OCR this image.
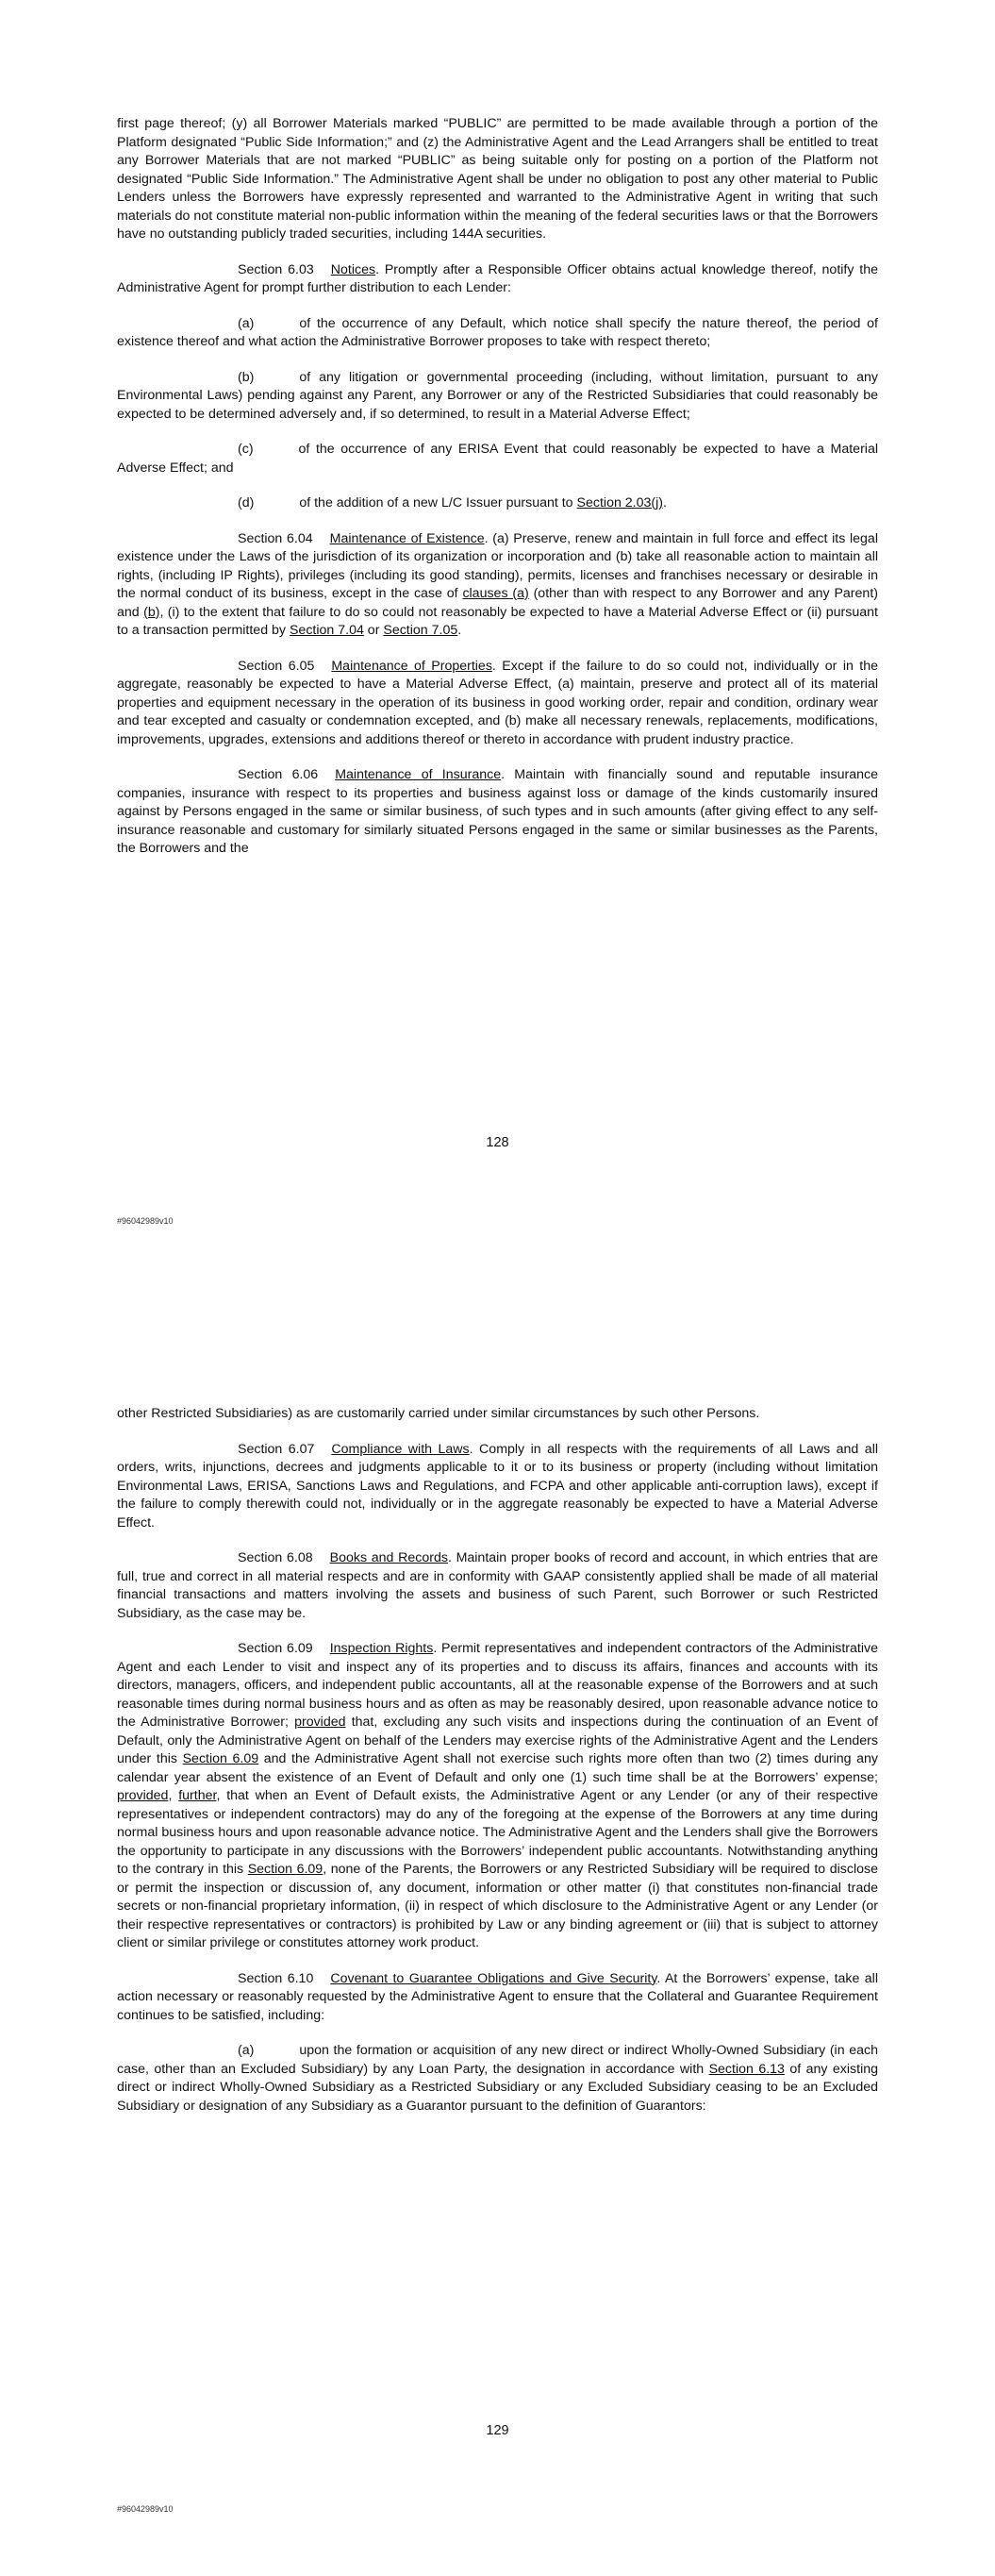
first page thereof; (y) all Borrower Materials marked “PUBLIC” are permitted to be made available through a portion of the Platform designated “Public Side Information;” and (z) the Administrative Agent and the Lead Arrangers shall be entitled to treat any Borrower Materials that are not marked “PUBLIC” as being suitable only for posting on a portion of the Platform not designated “Public Side Information.” The Administrative Agent shall be under no obligation to post any other material to Public Lenders unless the Borrowers have expressly represented and warranted to the Administrative Agent in writing that such materials do not constitute material non-public information within the meaning of the federal securities laws or that the Borrowers have no outstanding publicly traded securities, including 144A securities.

Section 6.03 Notices. Promptly after a Responsible Officer obtains actual knowledge thereof, notify the Administrative Agent for prompt further distribution to each Lender:

(a)	of the occurrence of any Default, which notice shall specify the nature thereof, the period of existence thereof and what action the Administrative Borrower proposes to take with respect thereto;

(b)	of any litigation or governmental proceeding (including, without limitation, pursuant to any Environmental Laws) pending against any Parent, any Borrower or any of the Restricted Subsidiaries that could reasonably be expected to be determined adversely and, if so determined, to result in a Material Adverse Effect;

(c)	of the occurrence of any ERISA Event that could reasonably be expected to have a Material Adverse Effect; and

(d)	of the addition of a new L/C Issuer pursuant to Section 2.03(j).

Section 6.04 Maintenance of Existence. (a) Preserve, renew and maintain in full force and effect its legal existence under the Laws of the jurisdiction of its organization or incorporation and (b) take all reasonable action to maintain all rights, (including IP Rights), privileges (including its good standing), permits, licenses and franchises necessary or desirable in the normal conduct of its business, except in the case of clauses (a) (other than with respect to any Borrower and any Parent) and (b), (i) to the extent that failure to do so could not reasonably be expected to have a Material Adverse Effect or (ii) pursuant to a transaction permitted by Section 7.04 or Section 7.05.

Section 6.05 Maintenance of Properties. Except if the failure to do so could not, individually or in the aggregate, reasonably be expected to have a Material Adverse Effect, (a) maintain, preserve and protect all of its material properties and equipment necessary in the operation of its business in good working order, repair and condition, ordinary wear and tear excepted and casualty or condemnation excepted, and (b) make all necessary renewals, replacements, modifications, improvements, upgrades, extensions and additions thereof or thereto in accordance with prudent industry practice.

Section 6.06 Maintenance of Insurance. Maintain with financially sound and reputable insurance companies, insurance with respect to its properties and business against loss or damage of the kinds customarily insured against by Persons engaged in the same or similar business, of such types and in such amounts (after giving effect to any self-insurance reasonable and customary for similarly situated Persons engaged in the same or similar businesses as the Parents, the Borrowers and the

128
#96042989v10

other Restricted Subsidiaries) as are customarily carried under similar circumstances by such other Persons.

Section 6.07 Compliance with Laws. Comply in all respects with the requirements of all Laws and all orders, writs, injunctions, decrees and judgments applicable to it or to its business or property (including without limitation Environmental Laws, ERISA, Sanctions Laws and Regulations, and FCPA and other applicable anti-corruption laws), except if the failure to comply therewith could not, individually or in the aggregate reasonably be expected to have a Material Adverse Effect.

Section 6.08 Books and Records. Maintain proper books of record and account, in which entries that are full, true and correct in all material respects and are in conformity with GAAP consistently applied shall be made of all material financial transactions and matters involving the assets and business of such Parent, such Borrower or such Restricted Subsidiary, as the case may be.

Section 6.09 Inspection Rights. Permit representatives and independent contractors of the Administrative Agent and each Lender to visit and inspect any of its properties and to discuss its affairs, finances and accounts with its directors, managers, officers, and independent public accountants, all at the reasonable expense of the Borrowers and at such reasonable times during normal business hours and as often as may be reasonably desired, upon reasonable advance notice to the Administrative Borrower; provided that, excluding any such visits and inspections during the continuation of an Event of Default, only the Administrative Agent on behalf of the Lenders may exercise rights of the Administrative Agent and the Lenders under this Section 6.09 and the Administrative Agent shall not exercise such rights more often than two (2) times during any calendar year absent the existence of an Event of Default and only one (1) such time shall be at the Borrowers’ expense; provided, further, that when an Event of Default exists, the Administrative Agent or any Lender (or any of their respective representatives or independent contractors) may do any of the foregoing at the expense of the Borrowers at any time during normal business hours and upon reasonable advance notice. The Administrative Agent and the Lenders shall give the Borrowers the opportunity to participate in any discussions with the Borrowers’ independent public accountants. Notwithstanding anything to the contrary in this Section 6.09, none of the Parents, the Borrowers or any Restricted Subsidiary will be required to disclose or permit the inspection or discussion of, any document, information or other matter (i) that constitutes non-financial trade secrets or non-financial proprietary information, (ii) in respect of which disclosure to the Administrative Agent or any Lender (or their respective representatives or contractors) is prohibited by Law or any binding agreement or (iii) that is subject to attorney client or similar privilege or constitutes attorney work product.

Section 6.10 Covenant to Guarantee Obligations and Give Security. At the Borrowers’ expense, take all action necessary or reasonably requested by the Administrative Agent to ensure that the Collateral and Guarantee Requirement continues to be satisfied, including:

(a)	upon the formation or acquisition of any new direct or indirect Wholly-Owned Subsidiary (in each case, other than an Excluded Subsidiary) by any Loan Party, the designation in accordance with Section 6.13 of any existing direct or indirect Wholly-Owned Subsidiary as a Restricted Subsidiary or any Excluded Subsidiary ceasing to be an Excluded Subsidiary or designation of any Subsidiary as a Guarantor pursuant to the definition of Guarantors:

129
#96042989v10
